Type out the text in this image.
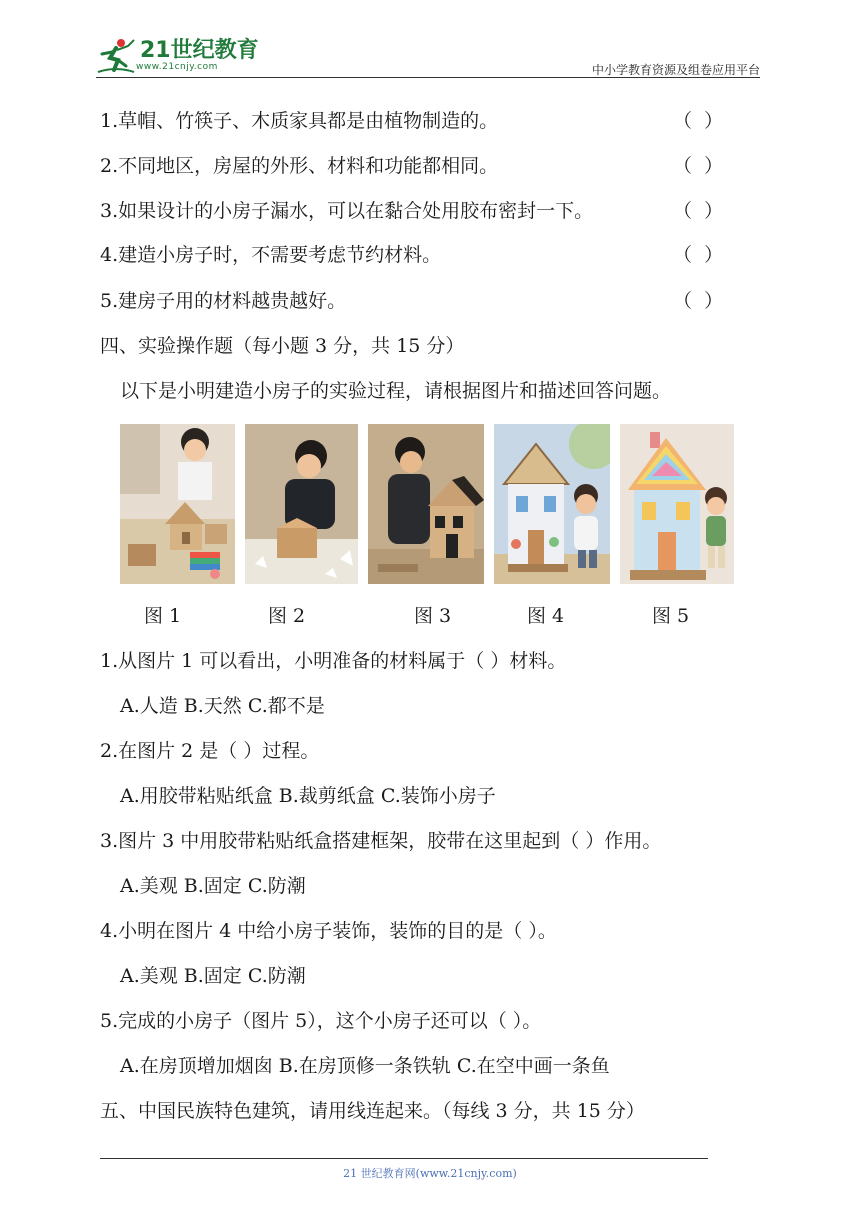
21世纪教育
www.21cnjy.com	中小学教育资源及组卷应用平台
1.草帽、竹筷子、木质家具都是由植物制造的。	（  ）
2.不同地区，房屋的外形、材料和功能都相同。	（  ）
3.如果设计的小房子漏水，可以在黏合处用胶布密封一下。	（  ）
4.建造小房子时，不需要考虑节约材料。	（  ）
5.建房子用的材料越贵越好。	（  ）
四、实验操作题（每小题 3 分，共 15 分）
以下是小明建造小房子的实验过程，请根据图片和描述回答问题。
图 1	图 2	图 3	图 4	图 5
1.从图片 1 可以看出，小明准备的材料属于（ ）材料。
A.人造 B.天然 C.都不是
2.在图片 2 是（ ）过程。
A.用胶带粘贴纸盒 B.裁剪纸盒 C.装饰小房子
3.图片 3 中用胶带粘贴纸盒搭建框架，胶带在这里起到（ ）作用。
A.美观 B.固定 C.防潮
4.小明在图片 4 中给小房子装饰，装饰的目的是（ ）。
A.美观 B.固定 C.防潮
5.完成的小房子（图片 5），这个小房子还可以（ ）。
A.在房顶增加烟囱 B.在房顶修一条铁轨 C.在空中画一条鱼
五、中国民族特色建筑，请用线连起来。（每线 3 分，共 15 分）
21 世纪教育网(www.21cnjy.com)
